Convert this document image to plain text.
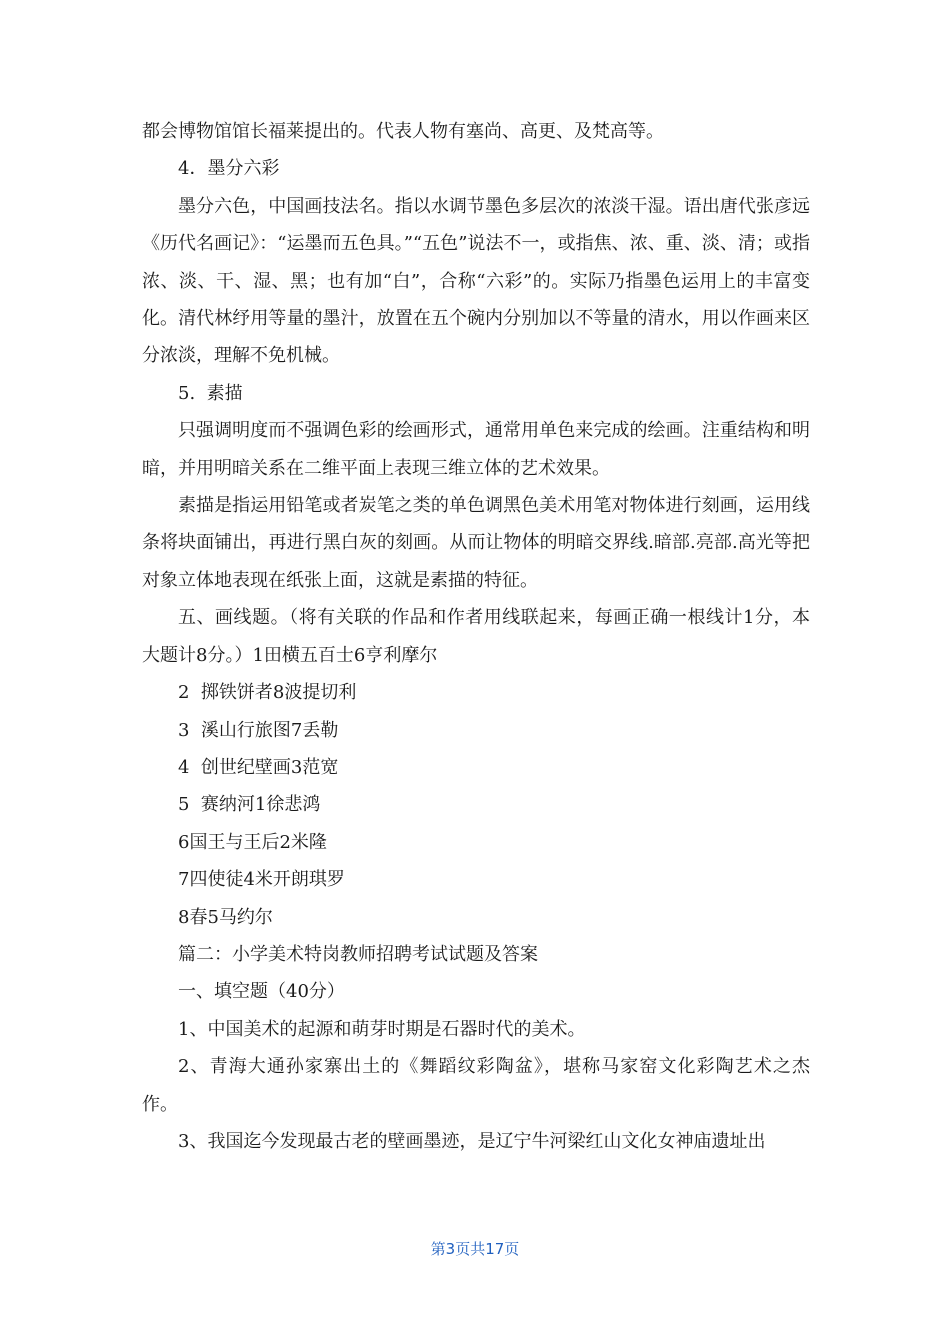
都会博物馆馆长福莱提出的。代表人物有塞尚、高更、及梵高等。

4．墨分六彩

墨分六色，中国画技法名。指以水调节墨色多层次的浓淡干湿。语出唐代张彦远《历代名画记》：“运墨而五色具。”“五色”说法不一，或指焦、浓、重、淡、清；或指浓、淡、干、湿、黑；也有加“白”，合称“六彩”的。实际乃指墨色运用上的丰富变化。清代林纾用等量的墨汁，放置在五个碗内分别加以不等量的清水，用以作画来区分浓淡，理解不免机械。

5.  素描

只强调明度而不强调色彩的绘画形式，通常用单色来完成的绘画。注重结构和明暗，并用明暗关系在二维平面上表现三维立体的艺术效果。

素描是指运用铅笔或者炭笔之类的单色调黑色美术用笔对物体进行刻画，运用线条将块面铺出，再进行黑白灰的刻画。从而让物体的明暗交界线.暗部.亮部.高光等把对象立体地表现在纸张上面，这就是素描的特征。

五、画线题。（将有关联的作品和作者用线联起来，每画正确一根线计1分，本大题计8分。）1田横五百士6亨利摩尔

2  掷铁饼者8波提切利

3  溪山行旅图7丢勒

4  创世纪壁画3范宽

5  赛纳河1徐悲鸿

6国王与王后2米隆

7四使徒4米开朗琪罗

8春5马约尔

篇二：小学美术特岗教师招聘考试试题及答案

一、填空题（40分）

1、中国美术的起源和萌芽时期是石器时代的美术。

2、青海大通孙家寨出土的《舞蹈纹彩陶盆》，堪称马家窑文化彩陶艺术之杰作。

3、我国迄今发现最古老的壁画墨迹，是辽宁牛河梁红山文化女神庙遗址出

第3页共17页
